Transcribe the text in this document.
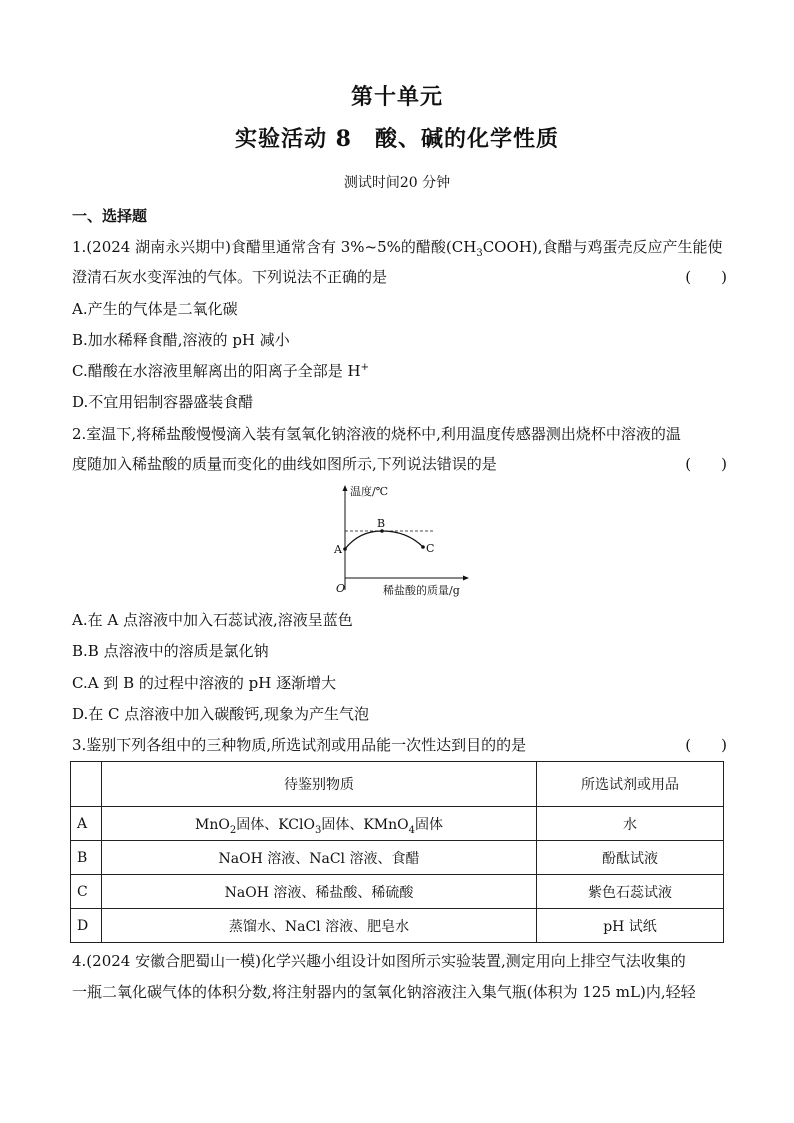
第十单元
实验活动 8　酸、碱的化学性质
测试时间20 分钟
一、选择题
1.(2024 湖南永兴期中)食醋里通常含有 3%~5%的醋酸$(CH_3COOH)$,食醋与鸡蛋壳反应产生能使
澄清石灰水变浑浊的气体。下列说法不正确的是	(　　)
A.产生的气体是二氧化碳
B.加水稀释食醋,溶液的 pH 减小
C.醋酸在水溶液里解离出的阳离子全部是 H+
D.不宜用铝制容器盛装食醋
2.室温下,将稀盐酸慢慢滴入装有氢氧化钠溶液的烧杯中,利用温度传感器测出烧杯中溶液的温
度随加入稀盐酸的质量而变化的曲线如图所示,下列说法错误的是	(　　)
温度/℃
稀盐酸的质量/g
O
A
B
C
A.在 A 点溶液中加入石蕊试液,溶液呈蓝色
B.B 点溶液中的溶质是氯化钠
C.A 到 B 的过程中溶液的 pH 逐渐增大
D.在 C 点溶液中加入碳酸钙,现象为产生气泡
3.鉴别下列各组中的三种物质,所选试剂或用品能一次性达到目的的是	(　　)
	待鉴别物质	所选试剂或用品
A	MnO$_2$固体、KClO$_3$固体、KMnO$_4$固体	水
B	NaOH 溶液、NaCl 溶液、食醋	酚酞试液
C	NaOH 溶液、稀盐酸、稀硫酸	紫色石蕊试液
D	蒸馏水、NaCl 溶液、肥皂水	pH 试纸
4.(2024 安徽合肥蜀山一模)化学兴趣小组设计如图所示实验装置,测定用向上排空气法收集的
一瓶二氧化碳气体的体积分数,将注射器内的氢氧化钠溶液注入集气瓶(体积为 125 mL)内,轻轻
